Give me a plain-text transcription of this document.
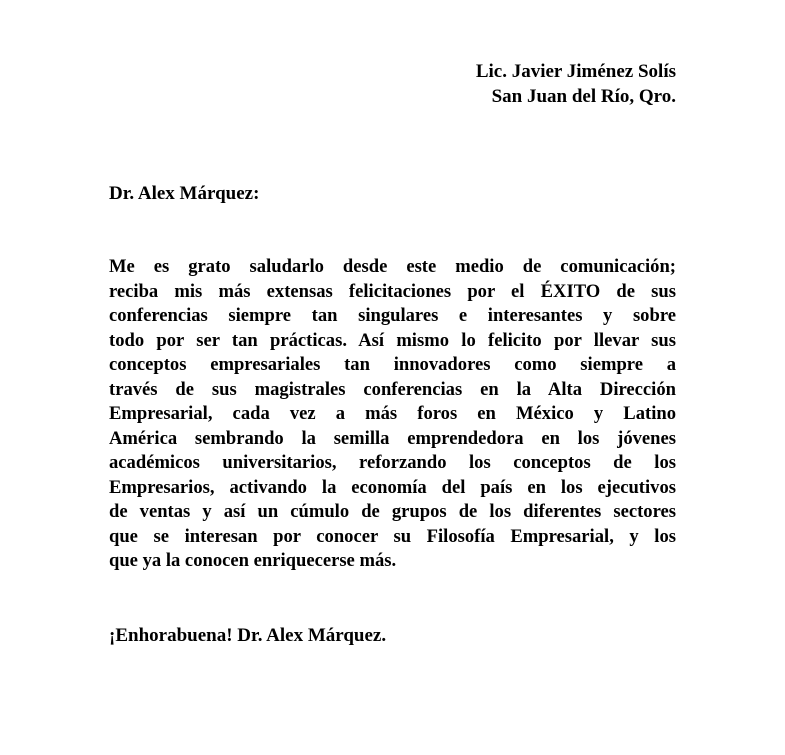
Lic. Javier Jiménez Solís
San Juan del Río, Qro.
Dr. Alex Márquez:
Me es grato saludarlo desde este medio de comunicación;
reciba mis más extensas felicitaciones por el ÉXITO de sus
conferencias siempre tan singulares e interesantes y sobre
todo por ser tan prácticas. Así mismo lo felicito por llevar sus
conceptos empresariales tan innovadores como siempre a
través de sus magistrales conferencias en la Alta Dirección
Empresarial, cada vez a más foros en México y Latino
América sembrando la semilla emprendedora en los jóvenes
académicos universitarios, reforzando los conceptos de los
Empresarios, activando la economía del país en los ejecutivos
de ventas y así un cúmulo de grupos de los diferentes sectores
que se interesan por conocer su Filosofía Empresarial, y los
que ya la conocen enriquecerse más.
¡Enhorabuena! Dr. Alex Márquez.
